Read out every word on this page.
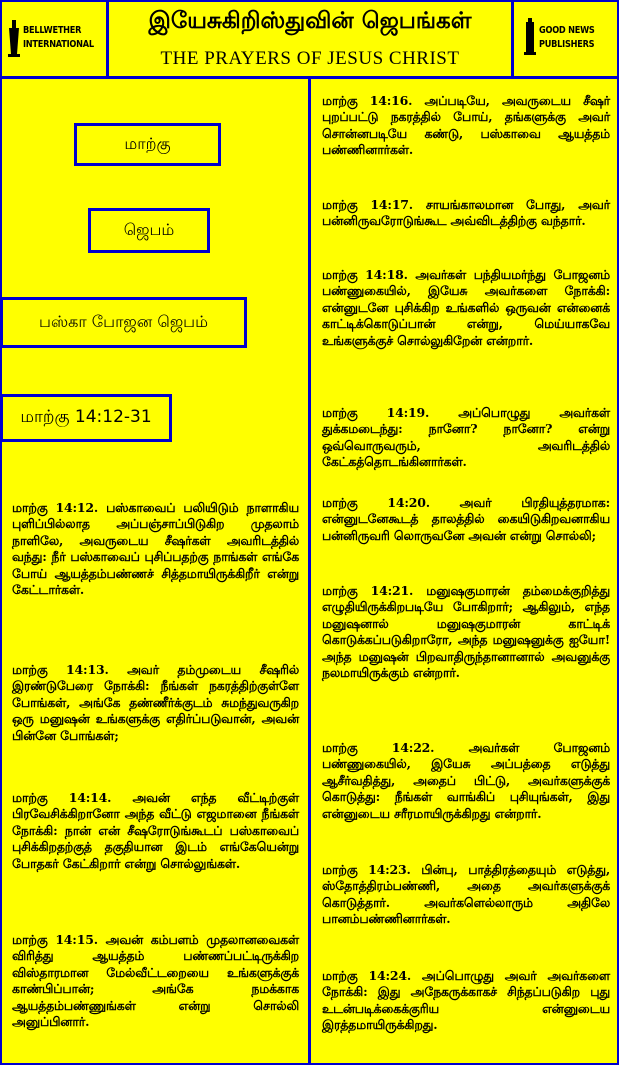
BELLWETHER
INTERNATIONAL
இயேசுகிறிஸ்துவின் ஜெபங்கள்
THE PRAYERS OF JESUS CHRIST
GOOD NEWS
PUBLISHERS
மாற்கு
ஜெபம்
பஸ்கா போஜன ஜெபம்
மாற்கு 14:12-31

மாற்கு 14:12. பஸ்காவைப் பலியிடும் நாளாகிய புளிப்பில்லாத அப்பஞ்சாப்பிடுகிற முதலாம் நாளிலே, அவருடைய சீஷர்கள் அவரிடத்தில் வந்து: நீர் பஸ்காவைப் புசிப்பதற்கு நாங்கள் எங்கே போய் ஆயத்தம்பண்ணச் சித்தமாயிருக்கிறீர் என்று கேட்டார்கள்.

மாற்கு 14:13. அவர் தம்முடைய சீஷரில் இரண்டுபேரை நோக்கி: நீங்கள் நகரத்திற்குள்ளே போங்கள், அங்கே தண்ணீர்க்குடம் சுமந்துவருகிற ஒரு மனுஷன் உங்களுக்கு எதிர்ப்படுவான், அவன் பின்னே போங்கள்;

மாற்கு 14:14. அவன் எந்த வீட்டிற்குள் பிரவேசிக்கிறானோ அந்த வீட்டு எஜமானை நீங்கள் நோக்கி: நான் என் சீஷரோடுங்கூடப் பஸ்காவைப் புசிக்கிறதற்குத் தகுதியான இடம் எங்கேயென்று போதகர் கேட்கிறார் என்று சொல்லுங்கள்.

மாற்கு 14:15. அவன் கம்பளம் முதலானவைகள் விரித்து ஆயத்தம் பண்ணப்பட்டிருக்கிற விஸ்தாரமான மேல்வீட்டறையை உங்களுக்குக் காண்பிப்பான்; அங்கே நமக்காக ஆயத்தம்பண்ணுங்கள் என்று சொல்லி அனுப்பினார்.

மாற்கு 14:16. அப்படியே, அவருடைய சீஷர் புறப்பட்டு நகரத்தில் போய், தங்களுக்கு அவர் சொன்னபடியே கண்டு, பஸ்காவை ஆயத்தம் பண்ணினார்கள்.

மாற்கு 14:17. சாயங்காலமான போது, அவர் பன்னிருவரோடுங்கூட அவ்விடத்திற்கு வந்தார்.

மாற்கு 14:18. அவர்கள் பந்தியமர்ந்து போஜனம் பண்ணுகையில், இயேசு அவர்களை நோக்கி: என்னுடனே புசிக்கிற உங்களில் ஒருவன் என்னைக் காட்டிக்கொடுப்பான் என்று, மெய்யாகவே உங்களுக்குச் சொல்லுகிறேன் என்றார்.

மாற்கு 14:19. அப்பொழுது அவர்கள் துக்கமடைந்து: நானோ? நானோ? என்று ஒவ்வொருவரும், அவரிடத்தில் கேட்கத்தொடங்கினார்கள்.

மாற்கு 14:20. அவர் பிரதியுத்தரமாக: என்னுடனேகூடத் தாலத்தில் கையிடுகிறவனாகிய பன்னிருவரி லொருவனே அவன் என்று சொல்லி;

மாற்கு 14:21. மனுஷகுமாரன் தம்மைக்குறித்து எழுதியிருக்கிறபடியே போகிறார்; ஆகிலும், எந்த மனுஷனால் மனுஷகுமாரன் காட்டிக் கொடுக்கப்படுகிறாரோ, அந்த மனுஷனுக்கு ஐயோ! அந்த மனுஷன் பிறவாதிருந்தானானால் அவனுக்கு நலமாயிருக்கும் என்றார்.

மாற்கு 14:22. அவர்கள் போஜனம் பண்ணுகையில், இயேசு அப்பத்தை எடுத்து ஆசீர்வதித்து, அதைப் பிட்டு, அவர்களுக்குக் கொடுத்து: நீங்கள் வாங்கிப் புசியுங்கள், இது என்னுடைய சரீரமாயிருக்கிறது என்றார்.

மாற்கு 14:23. பின்பு, பாத்திரத்தையும் எடுத்து, ஸ்தோத்திரம்பண்ணி, அதை அவர்களுக்குக் கொடுத்தார். அவர்களெல்லாரும் அதிலே பானம்பண்ணினார்கள்.

மாற்கு 14:24. அப்பொழுது அவர் அவர்களை நோக்கி: இது அநேகருக்காகச் சிந்தப்படுகிற புது உடன்படிக்கைக்குரிய என்னுடைய இரத்தமாயிருக்கிறது.
